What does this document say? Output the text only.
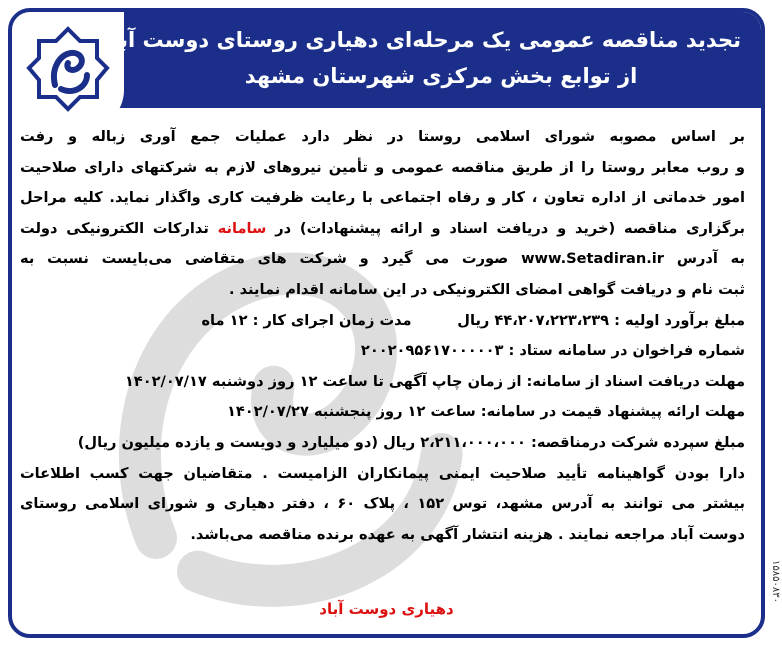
تجدید مناقصه عمومی یک مرحله‌ای دهیاری روستای دوست آباد
از توابع بخش مرکزی شهرستان مشهد
بر اساس مصوبه شورای اسلامی روستا در نظر دارد عملیات جمع آوری زباله و رفت
و روب معابر روستا را از طریق مناقصه عمومی و تأمین نیروهای لازم به شرکتهای دارای صلاحیت
امور خدماتی از اداره تعاون ، کار و رفاه اجتماعی با رعایت ظرفیت کاری واگذار نماید. کلیه مراحل
برگزاری مناقصه (خرید و دریافت اسناد و ارائه پیشنهادات) در سامانه تدارکات الکترونیکی دولت
به آدرس www.Setadiran.ir صورت می گیرد و شرکت های متقاضی می‌بایست نسبت به
ثبت نام و دریافت گواهی امضای الکترونیکی در این سامانه اقدام نمایند .
مبلغ برآورد اولیه : ۴۴،۲۰۷،۲۲۳،۲۳۹ ریال         مدت زمان اجرای کار : ۱۲ ماه
شماره فراخوان در سامانه ستاد : ۲۰۰۲۰۹۵۶۱۷۰۰۰۰۰۳
مهلت دریافت اسناد از سامانه: از زمان چاپ آگهی تا ساعت ۱۲ روز دوشنبه ۱۴۰۲/۰۷/۱۷
مهلت ارائه پیشنهاد قیمت در سامانه: ساعت ۱۲ روز پنجشنبه ۱۴۰۲/۰۷/۲۷
مبلغ سپرده شرکت درمناقصه: ۲،۲۱۱،۰۰۰،۰۰۰ ریال (دو میلیارد و دویست و یازده میلیون ریال)
دارا بودن گواهینامه تأیید صلاحیت ایمنی پیمانکاران الزامیست . متقاضیان جهت کسب اطلاعات
بیشتر می توانند به آدرس مشهد، توس ۱۵۲ ، پلاک ۶۰ ، دفتر دهیاری و شورای اسلامی روستای
دوست آباد مراجعه نمایند . هزینه انتشار آگهی به عهده برنده مناقصه می‌باشد.
دهیاری دوست آباد
۱۵۸۵۰۸۳۰
